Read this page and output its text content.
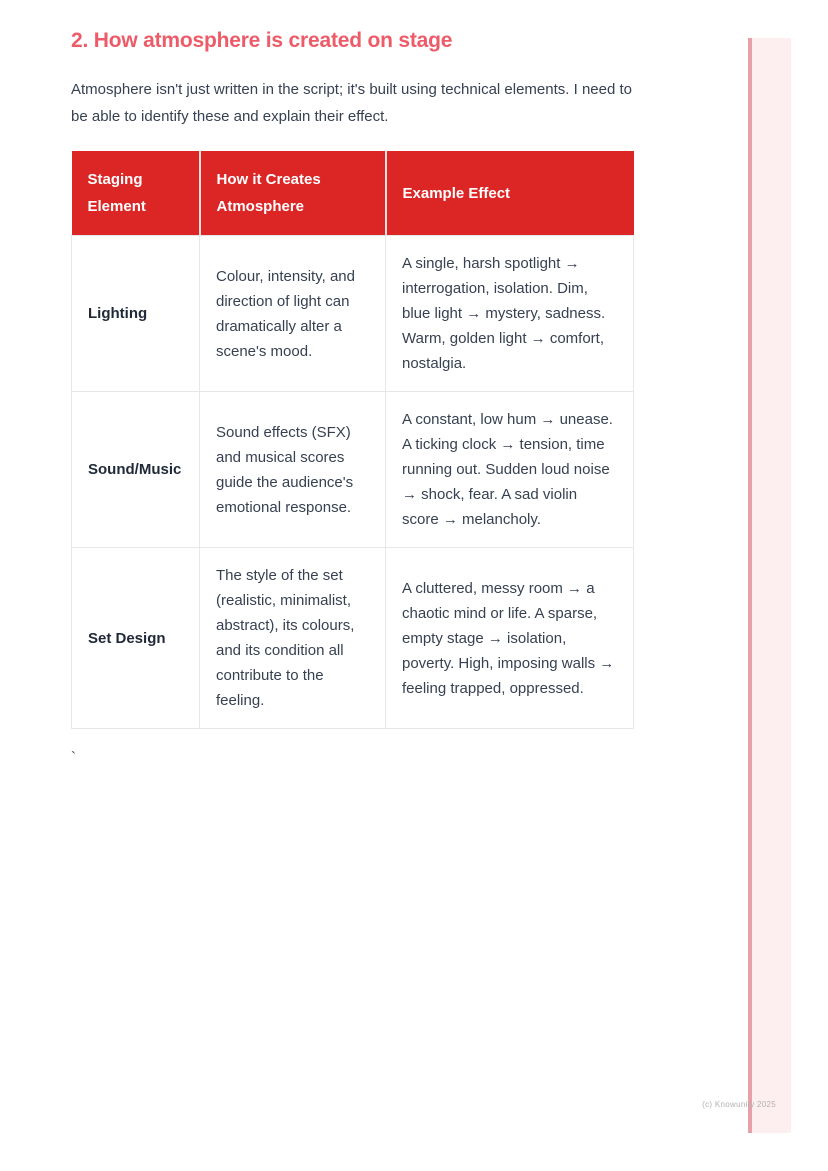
2. How atmosphere is created on stage

Atmosphere isn't just written in the script; it's built using technical elements. I need to be able to identify these and explain their effect.

Staging Element	How it Creates Atmosphere	Example Effect
Lighting	Colour, intensity, and direction of light can dramatically alter a scene's mood.	A single, harsh spotlight → interrogation, isolation. Dim, blue light → mystery, sadness. Warm, golden light → comfort, nostalgia.
Sound/Music	Sound effects (SFX) and musical scores guide the audience's emotional response.	A constant, low hum → unease. A ticking clock → tension, time running out. Sudden loud noise → shock, fear. A sad violin score → melancholy.
Set Design	The style of the set (realistic, minimalist, abstract), its colours, and its condition all contribute to the feeling.	A cluttered, messy room → a chaotic mind or life. A sparse, empty stage → isolation, poverty. High, imposing walls → feeling trapped, oppressed.
`
(c) Knowunity 2025
